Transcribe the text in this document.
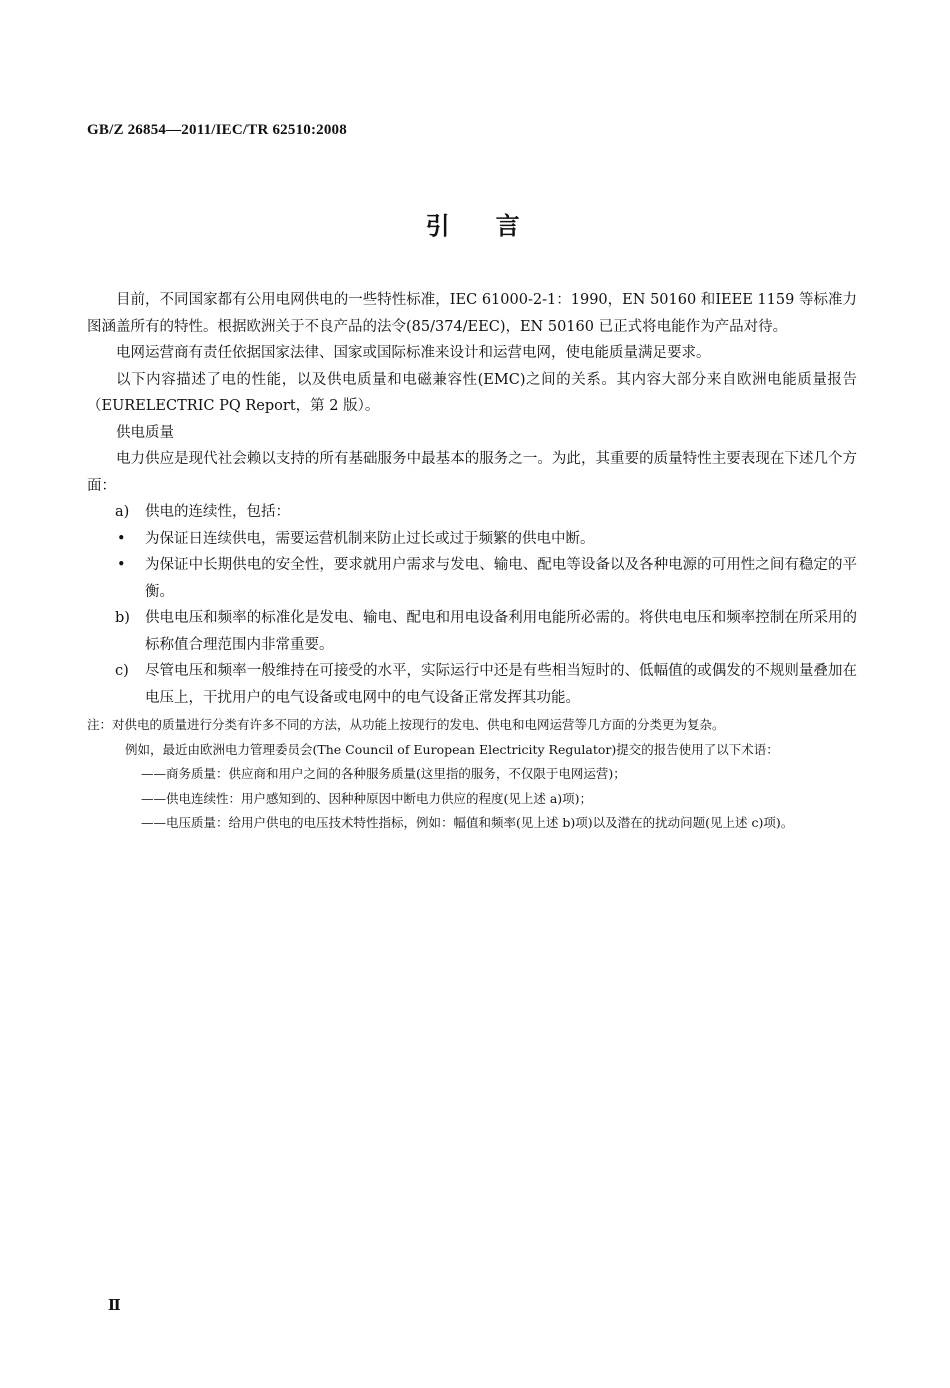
GB/Z 26854—2011/IEC/TR 62510:2008
引 言

目前，不同国家都有公用电网供电的一些特性标准，IEC 61000-2-1：1990，EN 50160 和IEEE 1159 等标准力图涵盖所有的特性。根据欧洲关于不良产品的法令(85/374/EEC)，EN 50160 已正式将电能作为产品对待。

电网运营商有责任依据国家法律、国家或国际标准来设计和运营电网，使电能质量满足要求。

以下内容描述了电的性能，以及供电质量和电磁兼容性(EMC)之间的关系。其内容大部分来自欧洲电能质量报告（EURELECTRIC PQ Report，第 2 版）。

供电质量

电力供应是现代社会赖以支持的所有基础服务中最基本的服务之一。为此，其重要的质量特性主要表现在下述几个方面：

a) 供电的连续性，包括：
• 为保证日连续供电，需要运营机制来防止过长或过于频繁的供电中断。
• 为保证中长期供电的安全性，要求就用户需求与发电、输电、配电等设备以及各种电源的可用性之间有稳定的平衡。
b) 供电电压和频率的标准化是发电、输电、配电和用电设备利用电能所必需的。将供电电压和频率控制在所采用的标称值合理范围内非常重要。
c) 尽管电压和频率一般维持在可接受的水平，实际运行中还是有些相当短时的、低幅值的或偶发的不规则量叠加在电压上，干扰用户的电气设备或电网中的电气设备正常发挥其功能。

注：对供电的质量进行分类有许多不同的方法，从功能上按现行的发电、供电和电网运营等几方面的分类更为复杂。

例如，最近由欧洲电力管理委员会(The Council of European Electricity Regulator)提交的报告使用了以下术语：

——商务质量：供应商和用户之间的各种服务质量(这里指的服务，不仅限于电网运营)；

——供电连续性：用户感知到的、因种种原因中断电力供应的程度(见上述 a)项)；

——电压质量：给用户供电的电压技术特性指标，例如：幅值和频率(见上述 b)项)以及潜在的扰动问题(见上述 c)项)。

Ⅱ
